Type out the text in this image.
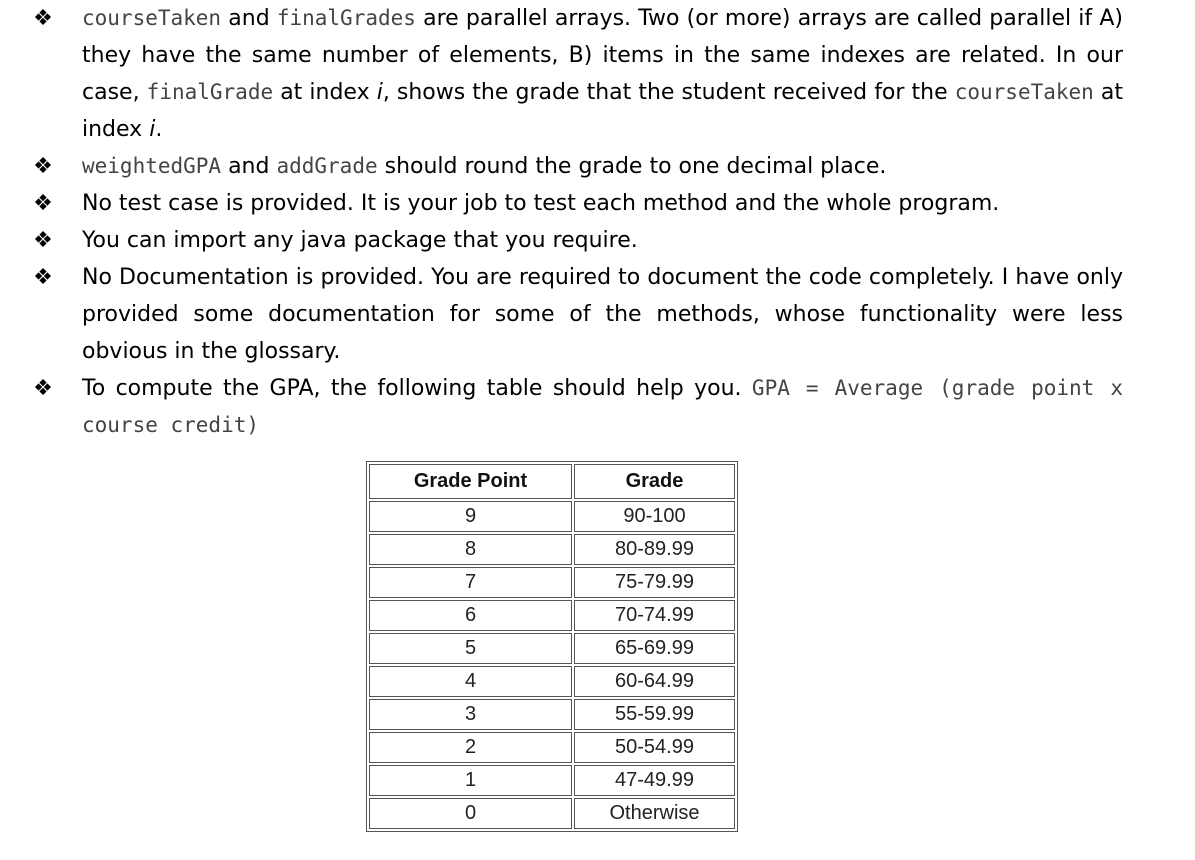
❖ courseTaken and finalGrades are parallel arrays. Two (or more) arrays are called parallel if A) they have the same number of elements, B) items in the same indexes are related. In our case, finalGrade at index i, shows the grade that the student received for the courseTaken at index i.
❖ weightedGPA and addGrade should round the grade to one decimal place.
❖ No test case is provided. It is your job to test each method and the whole program.
❖ You can import any java package that you require.
❖ No Documentation is provided. You are required to document the code completely. I have only provided some documentation for some of the methods, whose functionality were less obvious in the glossary.
❖ To compute the GPA, the following table should help you. GPA = Average (grade point x course credit)
Grade Point	Grade
9	90-100
8	80-89.99
7	75-79.99
6	70-74.99
5	65-69.99
4	60-64.99
3	55-59.99
2	50-54.99
1	47-49.99
0	Otherwise
